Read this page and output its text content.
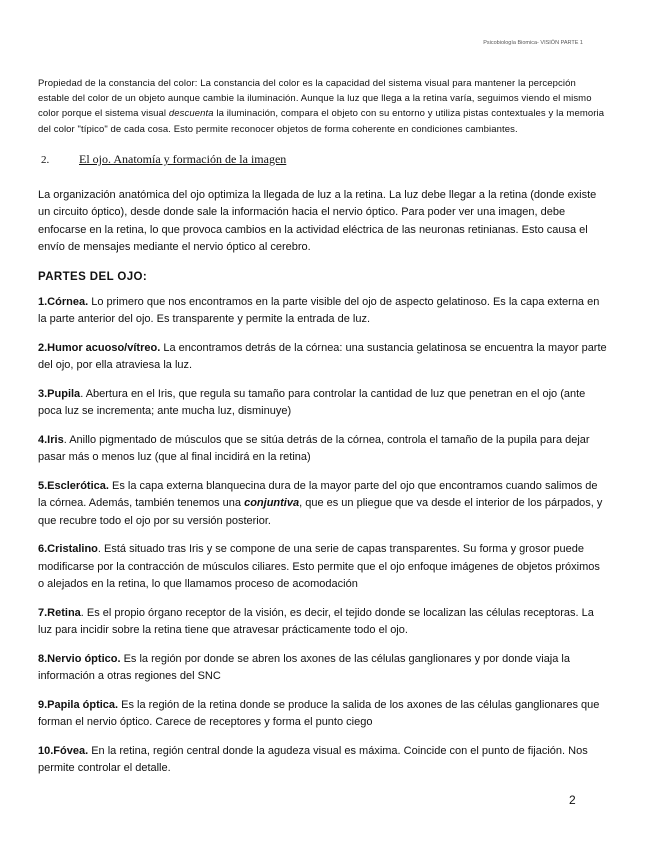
Psicobiología Biomica- VISIÓN PARTE 1

Propiedad de la constancia del color: La constancia del color es la capacidad del sistema visual para mantener la percepción estable del color de un objeto aunque cambie la iluminación. Aunque la luz que llega a la retina varía, seguimos viendo el mismo color porque el sistema visual descuenta la iluminación, compara el objeto con su entorno y utiliza pistas contextuales y la memoria del color "típico" de cada cosa. Esto permite reconocer objetos de forma coherente en condiciones cambiantes.

2.	El ojo. Anatomía y formación de la imagen

La organización anatómica del ojo optimiza la llegada de luz a la retina. La luz debe llegar a la retina (donde existe un circuito óptico), desde donde sale la información hacia el nervio óptico. Para poder ver una imagen, debe enfocarse en la retina, lo que provoca cambios en la actividad eléctrica de las neuronas retinianas. Esto causa el envío de mensajes mediante el nervio óptico al cerebro.

PARTES DEL OJO:

1.Córnea. Lo primero que nos encontramos en la parte visible del ojo de aspecto gelatinoso. Es la capa externa en la parte anterior del ojo. Es transparente y permite la entrada de luz.

2.Humor acuoso/vítreo. La encontramos detrás de la córnea: una sustancia gelatinosa se encuentra la mayor parte del ojo, por ella atraviesa la luz.

3.Pupila. Abertura en el Iris, que regula su tamaño para controlar la cantidad de luz que penetran en el ojo (ante poca luz se incrementa; ante mucha luz, disminuye)

4.Iris. Anillo pigmentado de músculos que se sitúa detrás de la córnea, controla el tamaño de la pupila para dejar pasar más o menos luz (que al final incidirá en la retina)

5.Esclerótica. Es la capa externa blanquecina dura de la mayor parte del ojo que encontramos cuando salimos de la córnea. Además, también tenemos una conjuntiva, que es un pliegue que va desde el interior de los párpados, y que recubre todo el ojo por su versión posterior.

6.Cristalino. Está situado tras Iris y se compone de una serie de capas transparentes. Su forma y grosor puede modificarse por la contracción de músculos ciliares. Esto permite que el ojo enfoque imágenes de objetos próximos o alejados en la retina, lo que llamamos proceso de acomodación

7.Retina. Es el propio órgano receptor de la visión, es decir, el tejido donde se localizan las células receptoras. La luz para incidir sobre la retina tiene que atravesar prácticamente todo el ojo.

8.Nervio óptico. Es la región por donde se abren los axones de las células ganglionares y por donde viaja la información a otras regiones del SNC

9.Papila óptica. Es la región de la retina donde se produce la salida de los axones de las células ganglionares que forman el nervio óptico. Carece de receptores y forma el punto ciego

10.Fóvea. En la retina, región central donde la agudeza visual es máxima. Coincide con el punto de fijación. Nos permite controlar el detalle.

2
